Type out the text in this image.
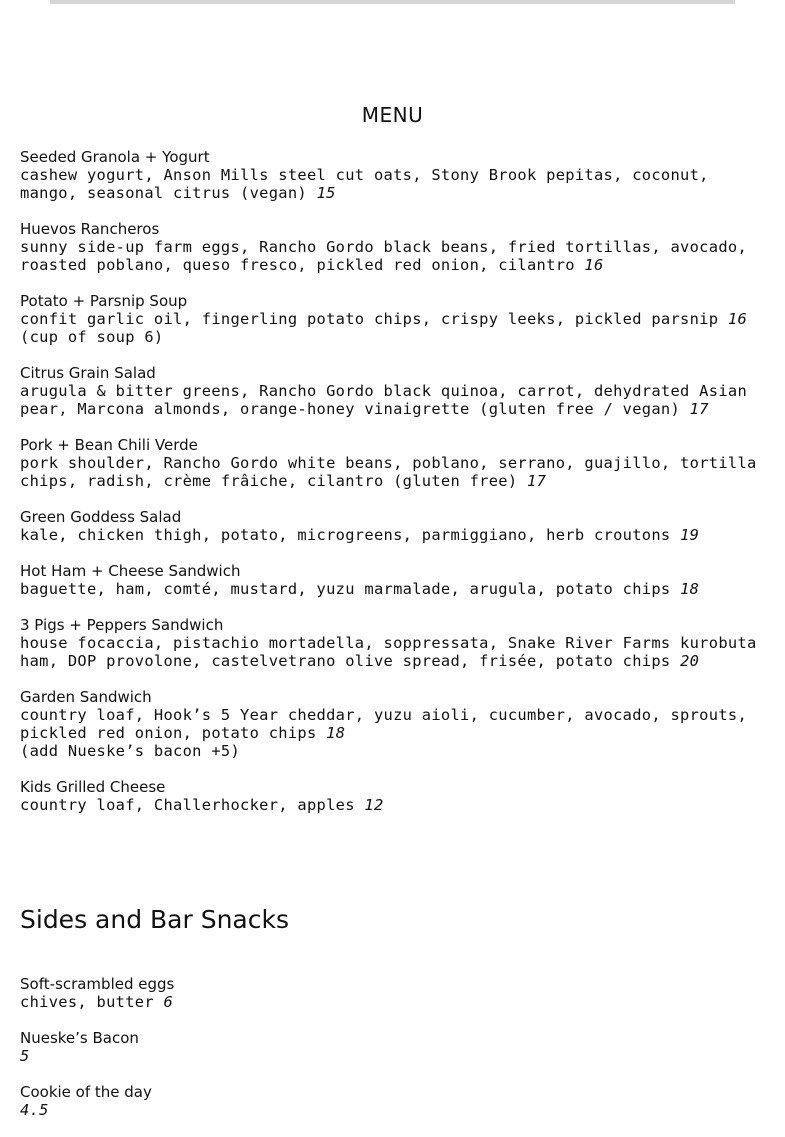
MENU
Seeded Granola + Yogurt
cashew yogurt, Anson Mills steel cut oats, Stony Brook pepitas, coconut, mango, seasonal citrus (vegan) 15
Huevos Rancheros
sunny side-up farm eggs, Rancho Gordo black beans, fried tortillas, avocado, roasted poblano, queso fresco, pickled red onion, cilantro 16
Potato + Parsnip Soup
confit garlic oil, fingerling potato chips, crispy leeks, pickled parsnip 16
(cup of soup 6)
Citrus Grain Salad
arugula & bitter greens, Rancho Gordo black quinoa, carrot, dehydrated Asian pear, Marcona almonds, orange-honey vinaigrette (gluten free / vegan) 17
Pork + Bean Chili Verde
pork shoulder, Rancho Gordo white beans, poblano, serrano, guajillo, tortilla chips, radish, crème frâiche, cilantro (gluten free) 17
Green Goddess Salad
kale, chicken thigh, potato, microgreens, parmiggiano, herb croutons 19
Hot Ham + Cheese Sandwich
baguette, ham, comté, mustard, yuzu marmalade, arugula, potato chips 18
3 Pigs + Peppers Sandwich
house focaccia, pistachio mortadella, soppressata, Snake River Farms kurobuta ham, DOP provolone, castelvetrano olive spread, frisée, potato chips 20
Garden Sandwich
country loaf, Hook’s 5 Year cheddar, yuzu aioli, cucumber, avocado, sprouts, pickled red onion, potato chips 18
(add Nueske’s bacon +5)
Kids Grilled Cheese
country loaf, Challerhocker, apples 12
Sides and Bar Snacks
Soft-scrambled eggs
chives, butter 6
Nueske’s Bacon
5
Cookie of the day
4.5
